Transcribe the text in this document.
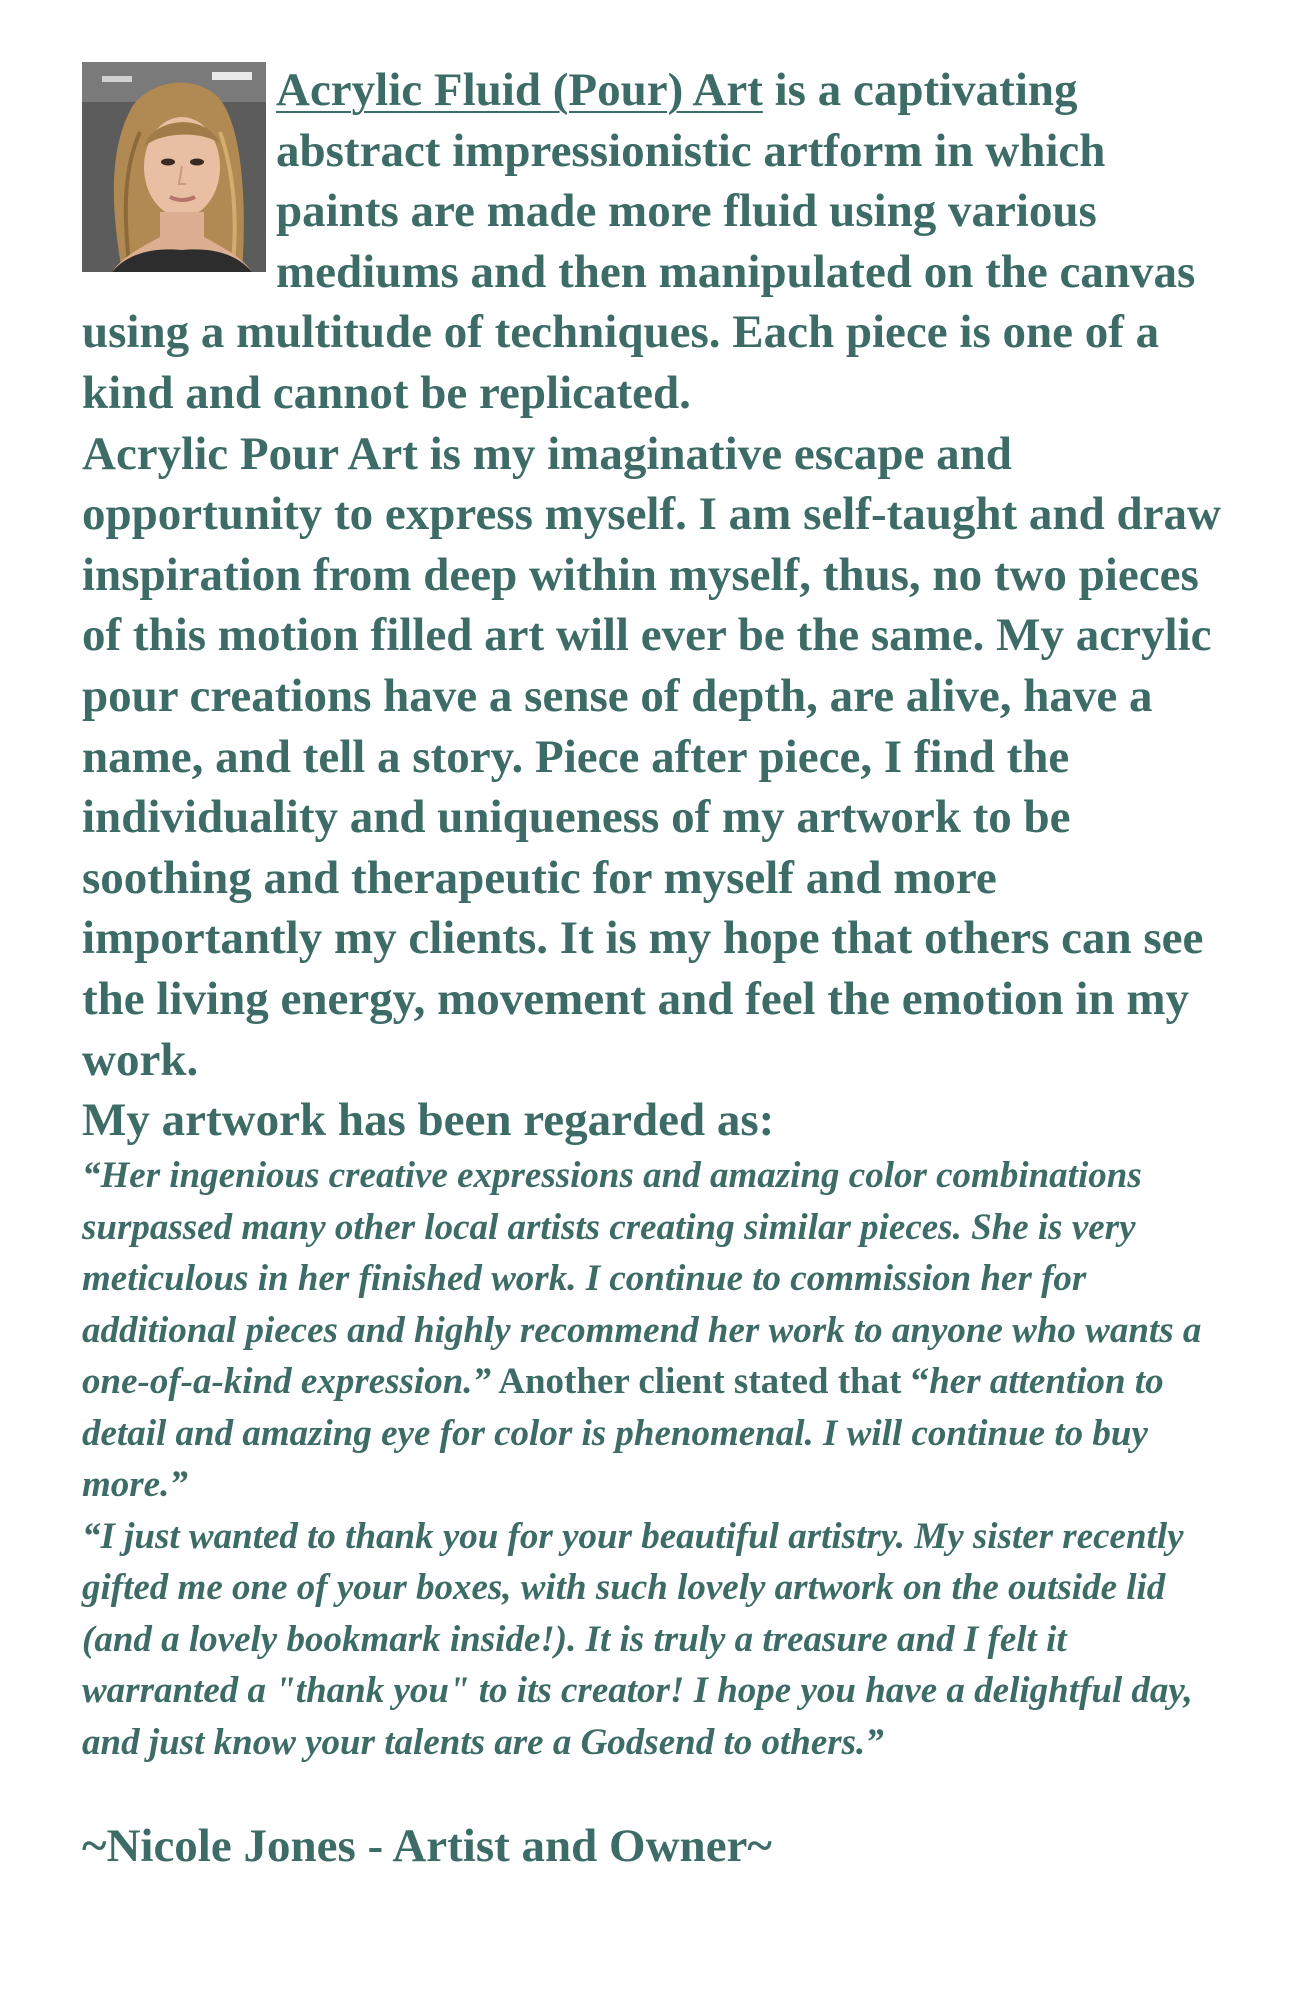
Acrylic Fluid (Pour) Art is a captivating abstract impressionistic artform in which paints are made more fluid using various mediums and then manipulated on the canvas using a multitude of techniques. Each piece is one of a kind and cannot be replicated.

Acrylic Pour Art is my imaginative escape and opportunity to express myself. I am self-taught and draw inspiration from deep within myself, thus, no two pieces of this motion filled art will ever be the same. My acrylic pour creations have a sense of depth, are alive, have a name, and tell a story. Piece after piece, I find the individuality and uniqueness of my artwork to be soothing and therapeutic for myself and more importantly my clients. It is my hope that others can see the living energy, movement and feel the emotion in my work.

My artwork has been regarded as:

“Her ingenious creative expressions and amazing color combinations surpassed many other local artists creating similar pieces. She is very meticulous in her finished work. I continue to commission her for additional pieces and highly recommend her work to anyone who wants a one-of-a-kind expression.” Another client stated that “her attention to detail and amazing eye for color is phenomenal. I will continue to buy more.”

“I just wanted to thank you for your beautiful artistry. My sister recently gifted me one of your boxes, with such lovely artwork on the outside lid (and a lovely bookmark inside!). It is truly a treasure and I felt it warranted a "thank you" to its creator! I hope you have a delightful day, and just know your talents are a Godsend to others.”

~Nicole Jones - Artist and Owner~
